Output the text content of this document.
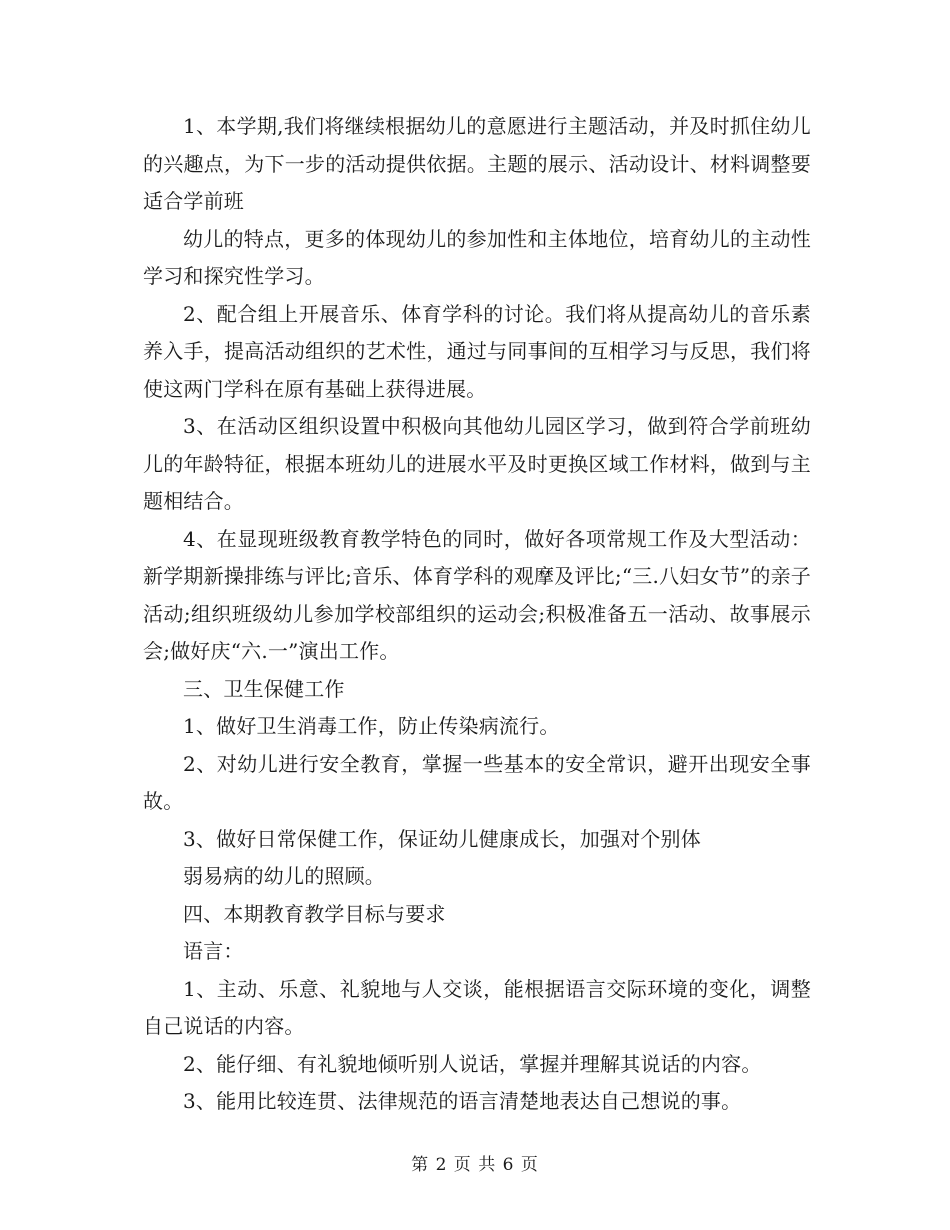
1、本学期,我们将继续根据幼儿的意愿进行主题活动，并及时抓住幼儿的兴趣点，为下一步的活动提供依据。主题的展示、活动设计、材料调整要适合学前班

幼儿的特点，更多的体现幼儿的参加性和主体地位，培育幼儿的主动性学习和探究性学习。

2、配合组上开展音乐、体育学科的讨论。我们将从提高幼儿的音乐素养入手，提高活动组织的艺术性，通过与同事间的互相学习与反思，我们将使这两门学科在原有基础上获得进展。

3、在活动区组织设置中积极向其他幼儿园区学习，做到符合学前班幼儿的年龄特征，根据本班幼儿的进展水平及时更换区域工作材料，做到与主题相结合。

4、在显现班级教育教学特色的同时，做好各项常规工作及大型活动：新学期新操排练与评比;音乐、体育学科的观摩及评比;“三.八妇女节”的亲子活动;组织班级幼儿参加学校部组织的运动会;积极准备五一活动、故事展示会;做好庆“六.一”演出工作。

三、卫生保健工作

1、做好卫生消毒工作，防止传染病流行。

2、对幼儿进行安全教育，掌握一些基本的安全常识，避开出现安全事故。

3、做好日常保健工作，保证幼儿健康成长，加强对个别体

弱易病的幼儿的照顾。

四、本期教育教学目标与要求

语言：

1、主动、乐意、礼貌地与人交谈，能根据语言交际环境的变化，调整自己说话的内容。

2、能仔细、有礼貌地倾听别人说话，掌握并理解其说话的内容。

3、能用比较连贯、法律规范的语言清楚地表达自己想说的事。

第 2 页 共 6 页
